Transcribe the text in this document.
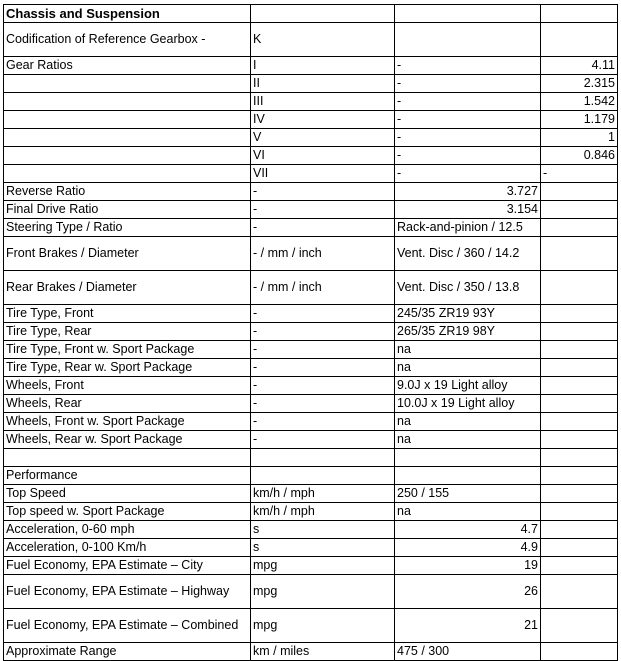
Chassis and Suspension			
Codification of Reference Gearbox -	K		
Gear Ratios	I	-	4.11
	II	-	2.315
	III	-	1.542
	IV	-	1.179
	V	-	1
	VI	-	0.846
	VII	-	-
Reverse Ratio	-	3.727	
Final Drive Ratio	-	3.154	
Steering Type / Ratio	-	Rack-and-pinion / 12.5	
Front Brakes / Diameter	- / mm / inch	Vent. Disc / 360 / 14.2	
Rear Brakes / Diameter	- / mm / inch	Vent. Disc / 350 / 13.8	
Tire Type, Front	-	245/35 ZR19 93Y	
Tire Type, Rear	-	265/35 ZR19 98Y	
Tire Type, Front w. Sport Package	-	na	
Tire Type, Rear w. Sport Package	-	na	
Wheels, Front	-	9.0J x 19 Light alloy	
Wheels, Rear	-	10.0J x 19 Light alloy	
Wheels, Front w. Sport Package	-	na	
Wheels, Rear w. Sport Package	-	na	

Performance			
Top Speed	km/h / mph	250 / 155	
Top speed w. Sport Package	km/h / mph	na	
Acceleration, 0-60 mph	s	4.7	
Acceleration, 0-100 Km/h	s	4.9	
Fuel Economy, EPA Estimate – City	mpg	19	
Fuel Economy, EPA Estimate – Highway	mpg	26	
Fuel Economy, EPA Estimate – Combined	mpg	21	
Approximate Range	km / miles	475 / 300	
